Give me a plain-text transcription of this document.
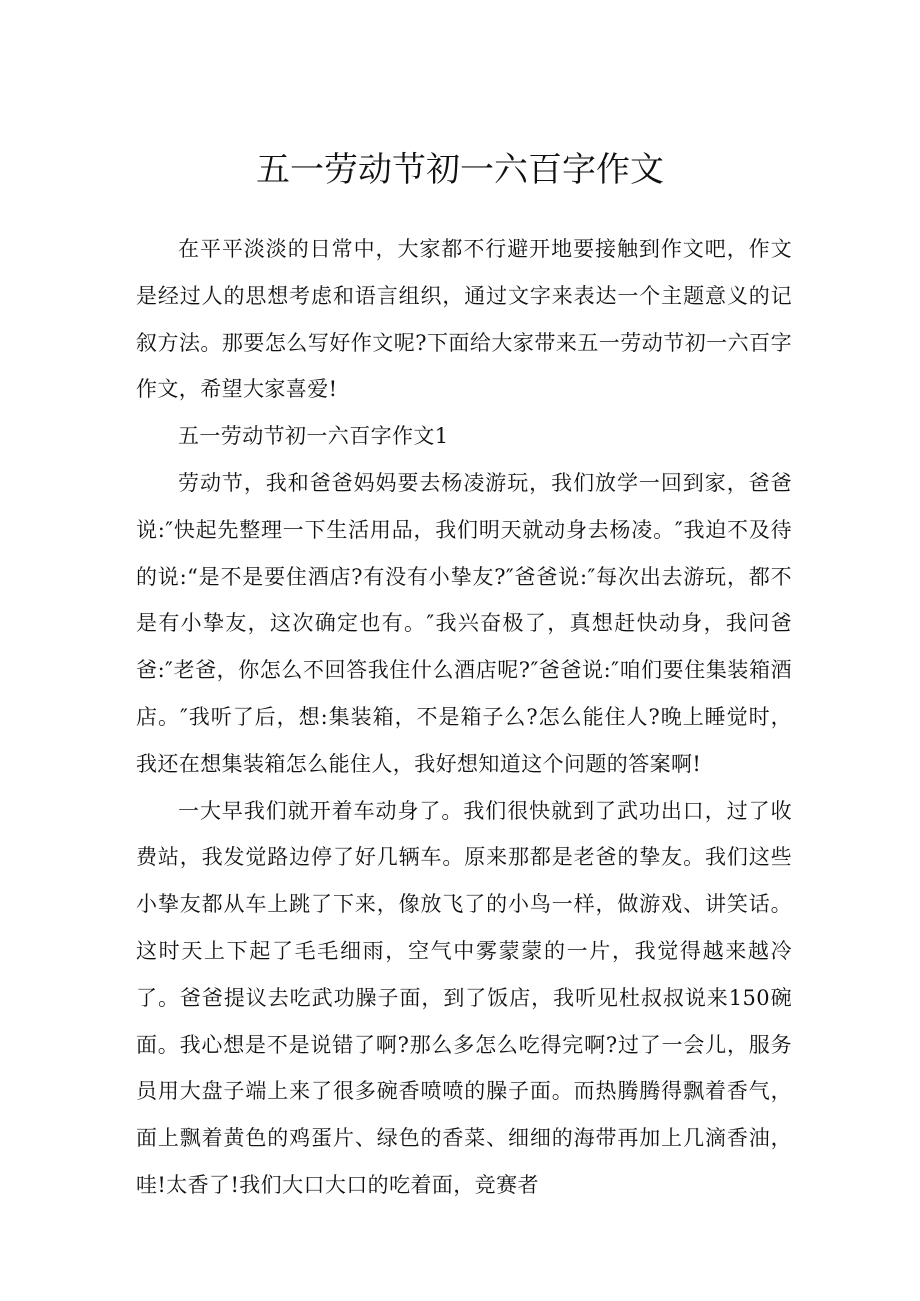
五一劳动节初一六百字作文

在平平淡淡的日常中，大家都不行避开地要接触到作文吧，作文是经过人的思想考虑和语言组织，通过文字来表达一个主题意义的记叙方法。那要怎么写好作文呢?下面给大家带来五一劳动节初一六百字作文，希望大家喜爱!

五一劳动节初一六百字作文1

劳动节，我和爸爸妈妈要去杨凌游玩，我们放学一回到家，爸爸说:″快起先整理一下生活用品，我们明天就动身去杨凌。″我迫不及待的说:“是不是要住酒店?有没有小挚友?″爸爸说:″每次出去游玩，都不是有小挚友，这次确定也有。″我兴奋极了，真想赶快动身，我问爸爸:″老爸，你怎么不回答我住什么酒店呢?″爸爸说:″咱们要住集装箱酒店。″我听了后，想:集装箱，不是箱子么?怎么能住人?晚上睡觉时，我还在想集装箱怎么能住人，我好想知道这个问题的答案啊!

一大早我们就开着车动身了。我们很快就到了武功出口，过了收费站，我发觉路边停了好几辆车。原来那都是老爸的挚友。我们这些小挚友都从车上跳了下来，像放飞了的小鸟一样，做游戏、讲笑话。这时天上下起了毛毛细雨，空气中雾蒙蒙的一片，我觉得越来越冷了。爸爸提议去吃武功臊子面，到了饭店，我听见杜叔叔说来150碗面。我心想是不是说错了啊?那么多怎么吃得完啊?过了一会儿，服务员用大盘子端上来了很多碗香喷喷的臊子面。而热腾腾得飘着香气，面上飘着黄色的鸡蛋片、绿色的香菜、细细的海带再加上几滴香油，哇!太香了!我们大口大口的吃着面，竞赛者
